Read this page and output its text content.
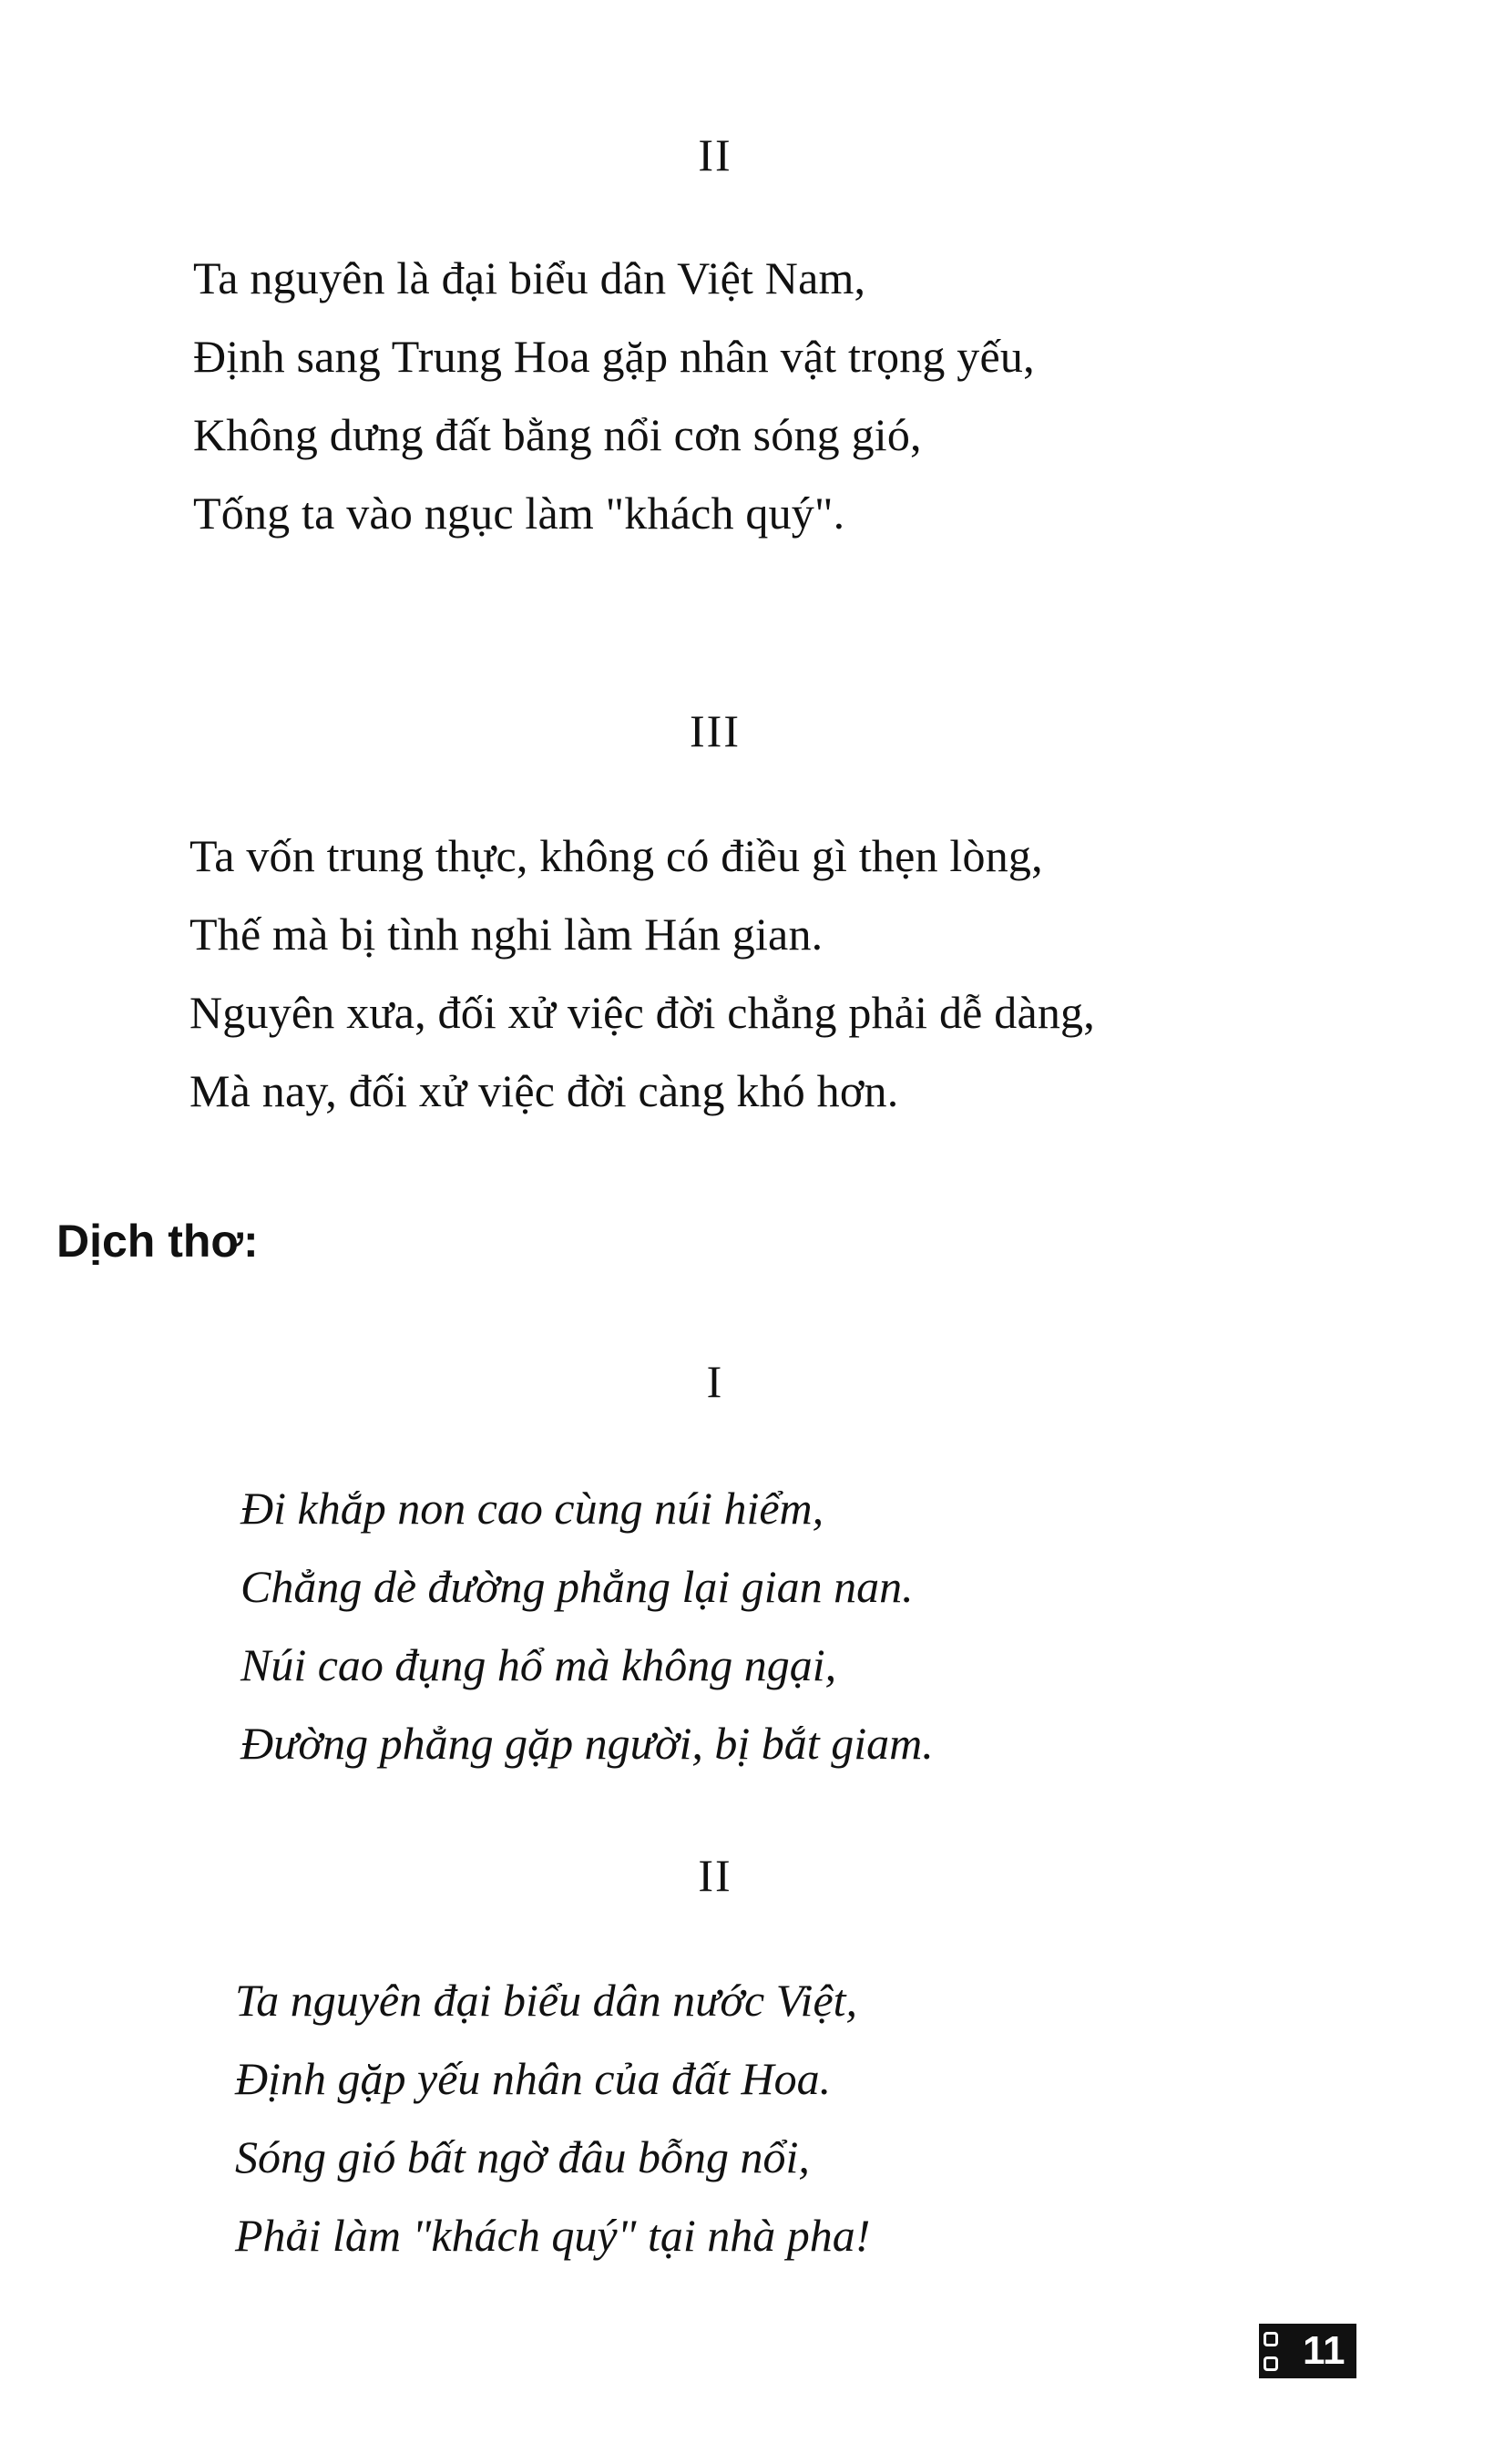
II
Ta nguyên là đại biểu dân Việt Nam,
Định sang Trung Hoa gặp nhân vật trọng yếu,
Không dưng đất bằng nổi cơn sóng gió,
Tống ta vào ngục làm "khách quý".
III
Ta vốn trung thực, không có điều gì thẹn lòng,
Thế mà bị tình nghi làm Hán gian.
Nguyên xưa, đối xử việc đời chẳng phải dễ dàng,
Mà nay, đối xử việc đời càng khó hơn.
Dịch thơ:
I
Đi khắp non cao cùng núi hiểm,
Chẳng dè đường phẳng lại gian nan.
Núi cao đụng hổ mà không ngại,
Đường phẳng gặp người, bị bắt giam.
II
Ta nguyên đại biểu dân nước Việt,
Định gặp yếu nhân của đất Hoa.
Sóng gió bất ngờ đâu bỗng nổi,
Phải làm "khách quý" tại nhà pha!
11
